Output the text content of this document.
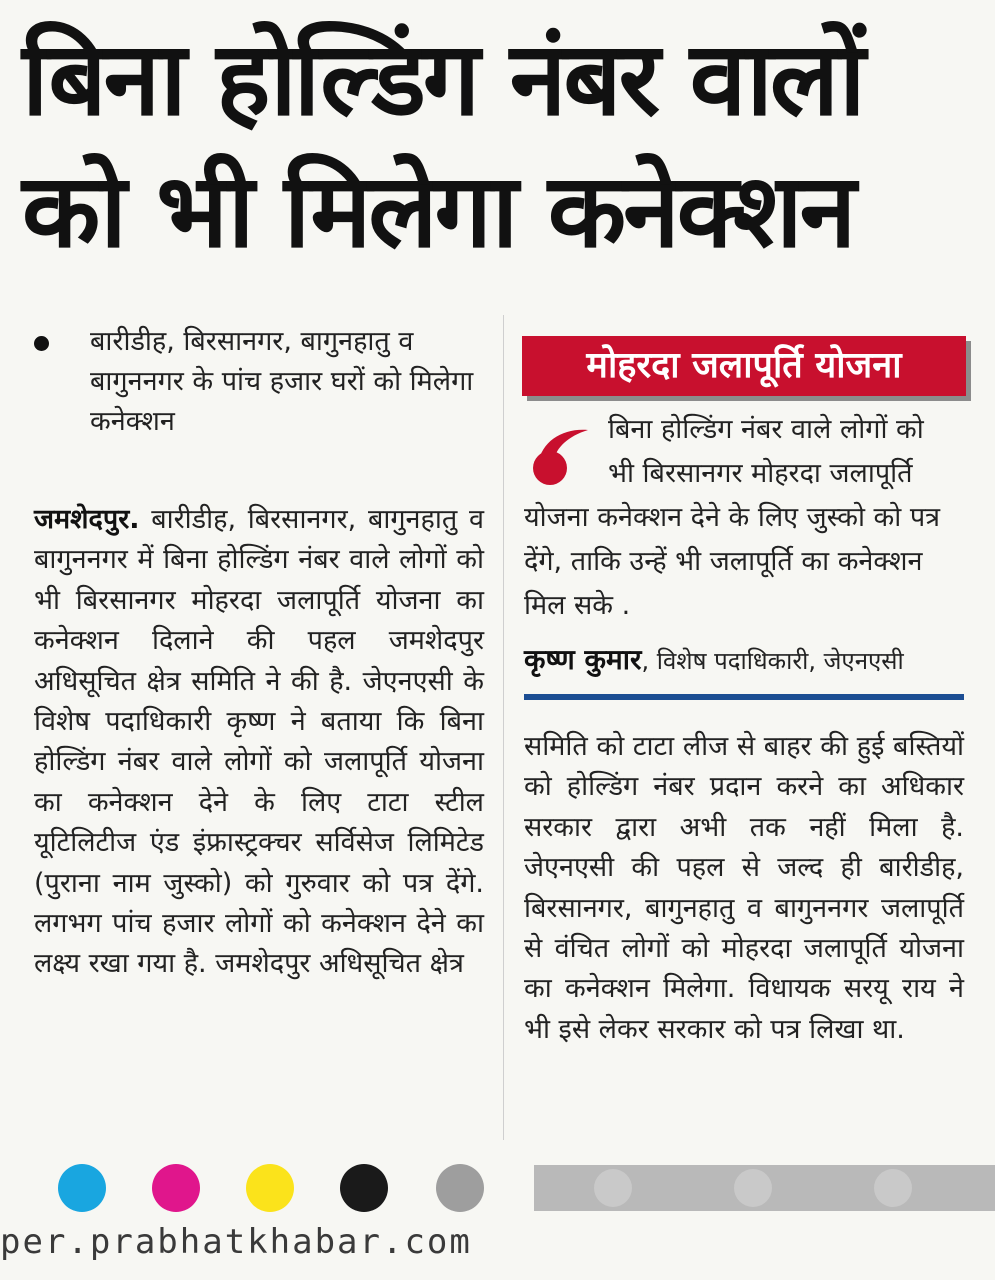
बिना होल्डिंग नंबर वालों
को भी मिलेगा कनेक्शन
बारीडीह, बिरसानगर, बागुनहातु व बागुननगर के पांच हजार घरों को मिलेगा कनेक्शन
जमशेदपुर. बारीडीह, बिरसानगर, बागुनहातु व बागुननगर में बिना होल्डिंग नंबर वाले लोगों को भी बिरसानगर मोहरदा जलापूर्ति योजना का कनेक्शन दिलाने की पहल जमशेदपुर अधिसूचित क्षेत्र समिति ने की है. जेएनएसी के विशेष पदाधिकारी कृष्ण ने बताया कि बिना होल्डिंग नंबर वाले लोगों को जलापूर्ति योजना का कनेक्शन देने के लिए टाटा स्टील यूटिलिटीज एंड इंफ्रास्ट्रक्चर सर्विसेज लिमिटेड (पुराना नाम जुस्को) को गुरुवार को पत्र देंगे. लगभग पांच हजार लोगों को कनेक्शन देने का लक्ष्य रखा गया है. जमशेदपुर अधिसूचित क्षेत्र
मोहरदा जलापूर्ति योजना
बिना होल्डिंग नंबर वाले लोगों को
भी बिरसानगर मोहरदा जलापूर्ति
योजना कनेक्शन देने के लिए जुस्को को पत्र देंगे, ताकि उन्हें भी जलापूर्ति का कनेक्शन मिल सके .
कृष्ण कुमार, विशेष पदाधिकारी, जेएनएसी
समिति को टाटा लीज से बाहर की हुई बस्तियों को होल्डिंग नंबर प्रदान करने का अधिकार सरकार द्वारा अभी तक नहीं मिला है. जेएनएसी की पहल से जल्द ही बारीडीह, बिरसानगर, बागुनहातु व बागुननगर जलापूर्ति से वंचित लोगों को मोहरदा जलापूर्ति योजना का कनेक्शन मिलेगा. विधायक सरयू राय ने भी इसे लेकर सरकार को पत्र लिखा था.
per.prabhatkhabar.com
